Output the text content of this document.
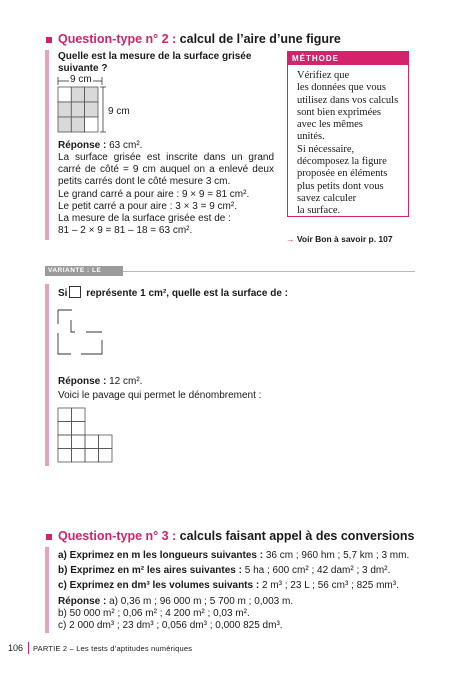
Question-type n° 2 : calcul de l’aire d’une figure
Quelle est la mesure de la surface grisée suivante ?
9 cm
9 cm
Réponse : 63 cm².
La surface grisée est inscrite dans un grand
carré de côté = 9 cm auquel on a enlevé deux
petits carrés dont le côté mesure 3 cm.
Le grand carré a pour aire : 9 × 9 = 81 cm².
Le petit carré a pour aire : 3 × 3 = 9 cm².
La mesure de la surface grisée est de :
81 – 2 × 9 = 81 – 18 = 63 cm².
MÉTHODE
Vérifiez que
les données que vous
utilisez dans vos calculs
sont bien exprimées
avec les mêmes
unités.
Si nécessaire,
décomposez la figure
proposée en éléments
plus petits dont vous
savez calculer
la surface.
→ Voir Bon à savoir p. 107
VARIANTE : LE PAVAGE
Si représente 1 cm², quelle est la surface de :
Réponse : 12 cm².
Voici le pavage qui permet le dénombrement :
Question-type n° 3 : calculs faisant appel à des conversions
a) Exprimez en m les longueurs suivantes : 36 cm ; 960 hm ; 5,7 km ; 3 mm.
b) Exprimez en m² les aires suivantes : 5 ha ; 600 cm² ; 42 dam² ; 3 dm².
c) Exprimez en dm³ les volumes suivants : 2 m³ ; 23 L ; 56 cm³ ; 825 mm³.
Réponse : a) 0,36 m ; 96 000 m ; 5 700 m ; 0,003 m.
b) 50 000 m² ; 0,06 m² ; 4 200 m² ; 0,03 m².
c) 2 000 dm³ ; 23 dm³ ; 0,056 dm³ ; 0,000 825 dm³.
106 PARTIE 2 – Les tests d’aptitudes numériques
